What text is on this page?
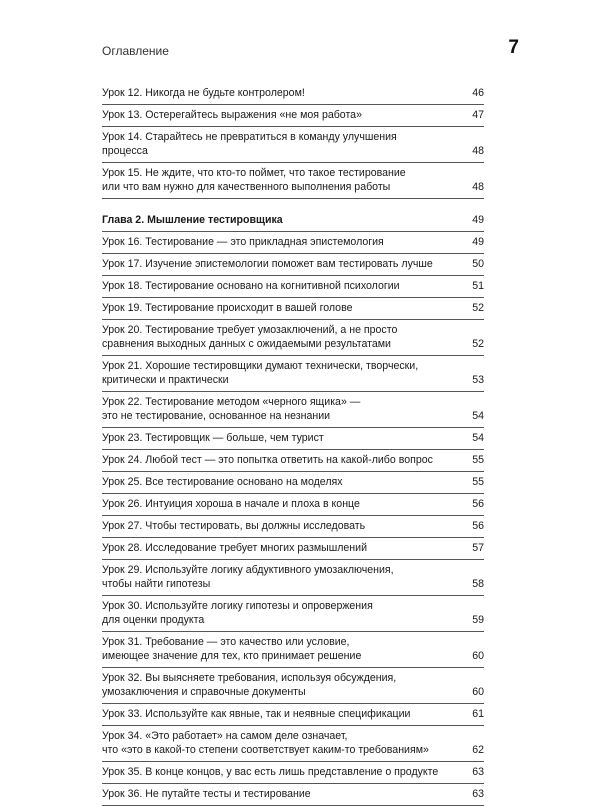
Оглавление	7
Урок 12. Никогда не будьте контролером!	46
Урок 13. Остерегайтесь выражения «не моя работа»	47
Урок 14. Старайтесь не превратиться в команду улучшения
процесса	48
Урок 15. Не ждите, что кто-то поймет, что такое тестирование
или что вам нужно для качественного выполнения работы	48
Глава 2. Мышление тестировщика	49
Урок 16. Тестирование — это прикладная эпистемология	49
Урок 17. Изучение эпистемологии поможет вам тестировать лучше	50
Урок 18. Тестирование основано на когнитивной психологии	51
Урок 19. Тестирование происходит в вашей голове	52
Урок 20. Тестирование требует умозаключений, а не просто
сравнения выходных данных с ожидаемыми результатами	52
Урок 21. Хорошие тестировщики думают технически, творчески,
критически и практически	53
Урок 22. Тестирование методом «черного ящика» —
это не тестирование, основанное на незнании	54
Урок 23. Тестировщик — больше, чем турист	54
Урок 24. Любой тест — это попытка ответить на какой-либо вопрос	55
Урок 25. Все тестирование основано на моделях	55
Урок 26. Интуиция хороша в начале и плоха в конце	56
Урок 27. Чтобы тестировать, вы должны исследовать	56
Урок 28. Исследование требует многих размышлений	57
Урок 29. Используйте логику абдуктивного умозаключения,
чтобы найти гипотезы	58
Урок 30. Используйте логику гипотезы и опровержения
для оценки продукта	59
Урок 31. Требование — это качество или условие,
имеющее значение для тех, кто принимает решение	60
Урок 32. Вы выясняете требования, используя обсуждения,
умозаключения и справочные документы	60
Урок 33. Используйте как явные, так и неявные спецификации	61
Урок 34. «Это работает» на самом деле означает,
что «это в какой-то степени соответствует каким-то требованиям»	62
Урок 35. В конце концов, у вас есть лишь представление о продукте	63
Урок 36. Не путайте тесты и тестирование	63
